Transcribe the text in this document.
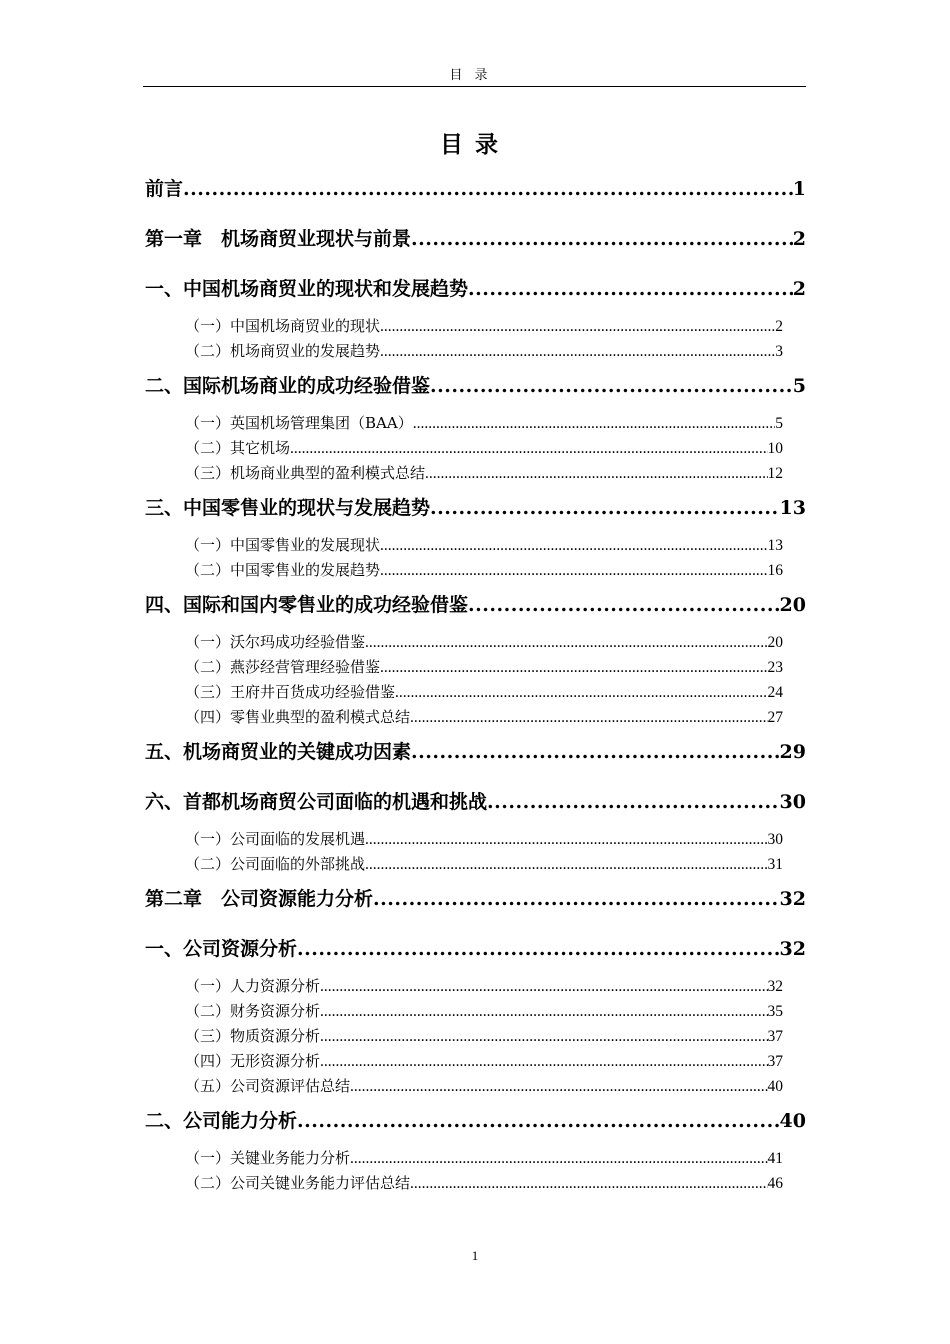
目录
目录
前言 .....	1
第一章　机场商贸业现状与前景 .....	2
一、中国机场商贸业的现状和发展趋势 .....	2
（一）中国机场商贸业的现状 .....	2
（二）机场商贸业的发展趋势 .....	3
二、国际机场商业的成功经验借鉴 .....	5
（一）英国机场管理集团（BAA） .....	5
（二）其它机场 .....	10
（三）机场商业典型的盈利模式总结 .....	12
三、中国零售业的现状与发展趋势 .....	13
（一）中国零售业的发展现状 .....	13
（二）中国零售业的发展趋势 .....	16
四、国际和国内零售业的成功经验借鉴 .....	20
（一）沃尔玛成功经验借鉴 .....	20
（二）燕莎经营管理经验借鉴 .....	23
（三）王府井百货成功经验借鉴 .....	24
（四）零售业典型的盈利模式总结 .....	27
五、机场商贸业的关键成功因素 .....	29
六、首都机场商贸公司面临的机遇和挑战 .....	30
（一）公司面临的发展机遇 .....	30
（二）公司面临的外部挑战 .....	31
第二章　公司资源能力分析 .....	32
一、公司资源分析 .....	32
（一）人力资源分析 .....	32
（二）财务资源分析 .....	35
（三）物质资源分析 .....	37
（四）无形资源分析 .....	37
（五）公司资源评估总结 .....	40
二、公司能力分析 .....	40
（一）关键业务能力分析 .....	41
（二）公司关键业务能力评估总结 .....	46
1
